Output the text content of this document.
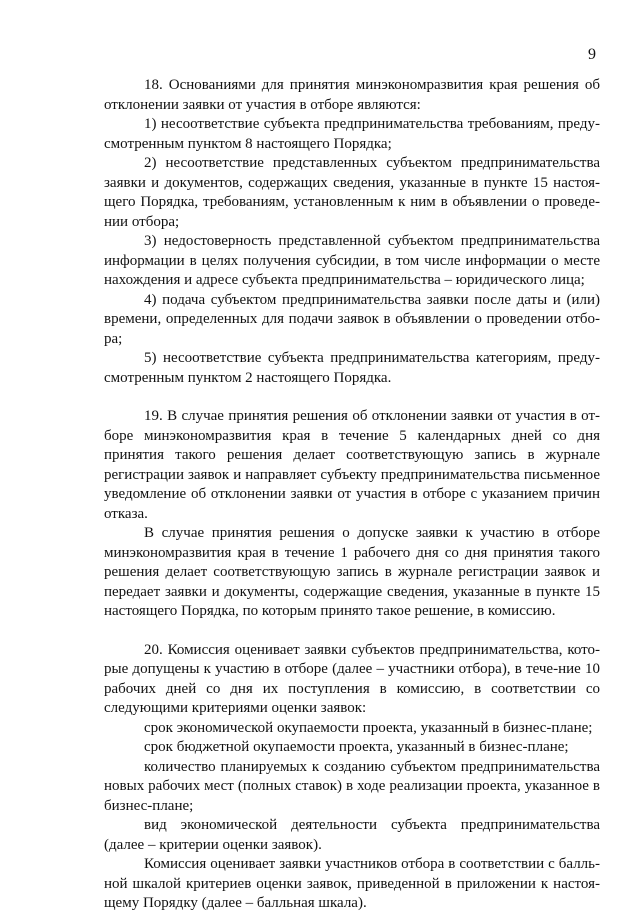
9

18. Основаниями для принятия минэкономразвития края решения об отклонении заявки от участия в отборе являются:

1) несоответствие субъекта предпринимательства требованиям, преду-смотренным пунктом 8 настоящего Порядка;

2) несоответствие представленных субъектом предпринимательства заявки и документов, содержащих сведения, указанные в пункте 15 настоя-щего Порядка, требованиям, установленным к ним в объявлении о проведе-нии отбора;

3) недостоверность представленной субъектом предпринимательства информации в целях получения субсидии, в том числе информации о месте нахождения и адресе субъекта предпринимательства – юридического лица;

4) подача субъектом предпринимательства заявки после даты и (или) времени, определенных для подачи заявок в объявлении о проведении отбо-ра;

5) несоответствие субъекта предпринимательства категориям, преду-смотренным пунктом 2 настоящего Порядка.

19. В случае принятия решения об отклонении заявки от участия в от-боре минэкономразвития края в течение 5 календарных дней со дня принятия такого решения делает соответствующую запись в журнале регистрации заявок и направляет субъекту предпринимательства письменное уведомление об отклонении заявки от участия в отборе с указанием причин отказа.

В случае принятия решения о допуске заявки к участию в отборе минэкономразвития края в течение 1 рабочего дня со дня принятия такого решения делает соответствующую запись в журнале регистрации заявок и передает заявки и документы, содержащие сведения, указанные в пункте 15 настоящего Порядка, по которым принято такое решение, в комиссию.

20. Комиссия оценивает заявки субъектов предпринимательства, кото-рые допущены к участию в отборе (далее – участники отбора), в тече-ние 10 рабочих дней со дня их поступления в комиссию, в соответствии со следующими критериями оценки заявок:

срок экономической окупаемости проекта, указанный в бизнес-плане;

срок бюджетной окупаемости проекта, указанный в бизнес-плане;

количество планируемых к созданию субъектом предпринимательства новых рабочих мест (полных ставок) в ходе реализации проекта, указанное в бизнес-плане;

вид экономической деятельности субъекта предпринимательства (далее – критерии оценки заявок).

Комиссия оценивает заявки участников отбора в соответствии с балль-ной шкалой критериев оценки заявок, приведенной в приложении к настоя-щему Порядку (далее – балльная шкала).
